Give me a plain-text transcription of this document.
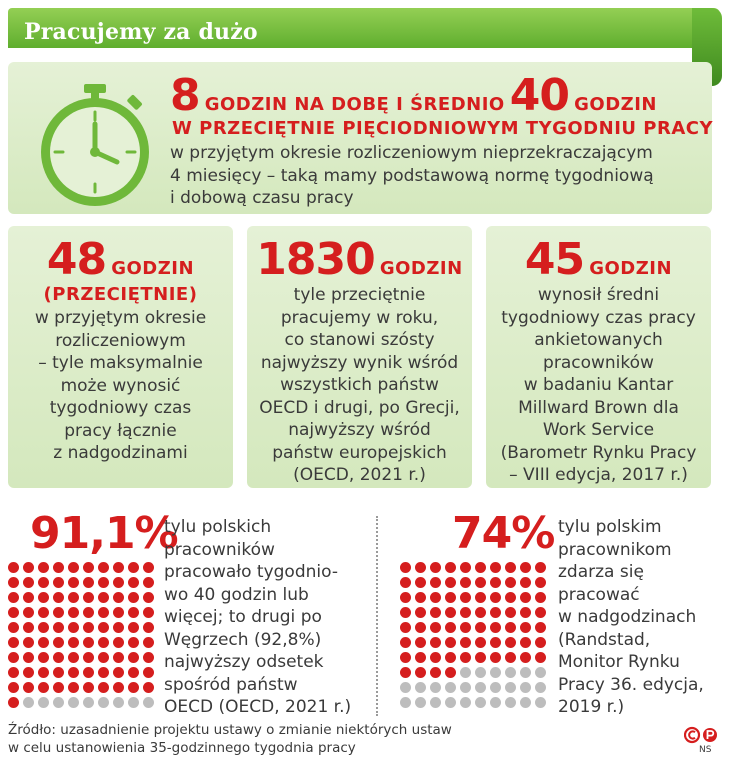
Pracujemy za dużo
8 GODZIN NA DOBĘ I ŚREDNIO 40 GODZIN
W PRZECIĘTNIE PIĘCIODNIOWYM TYGODNIU PRACY
w przyjętym okresie rozliczeniowym nieprzekraczającym
4 miesięcy – taką mamy podstawową normę tygodniową
i dobową czasu pracy
48 GODZIN
(PRZECIĘTNIE)
w przyjętym okresie
rozliczeniowym
– tyle maksymalnie
może wynosić
tygodniowy czas
pracy łącznie
z nadgodzinami
1830 GODZIN
tyle przeciętnie
pracujemy w roku,
co stanowi szósty
najwyższy wynik wśród
wszystkich państw
OECD i drugi, po Grecji,
najwyższy wśród
państw europejskich
(OECD, 2021 r.)
45 GODZIN
wynosił średni
tygodniowy czas pracy
ankietowanych
pracowników
w badaniu Kantar
Millward Brown dla
Work Service
(Barometr Rynku Pracy
– VIII edycja, 2017 r.)
91,1%
tylu polskich
pracowników
pracowało tygodnio-
wo 40 godzin lub
więcej; to drugi po
Węgrzech (92,8%)
najwyższy odsetek
spośród państw
OECD (OECD, 2021 r.)
74% tylu polskim
pracownikom
zdarza się
pracować
w nadgodzinach
(Randstad,
Monitor Rynku
Pracy 36. edycja,
2019 r.)
Źródło: uzasadnienie projektu ustawy o zmianie niektórych ustaw
w celu ustanowienia 35-godzinnego tygodnia pracy	NS
